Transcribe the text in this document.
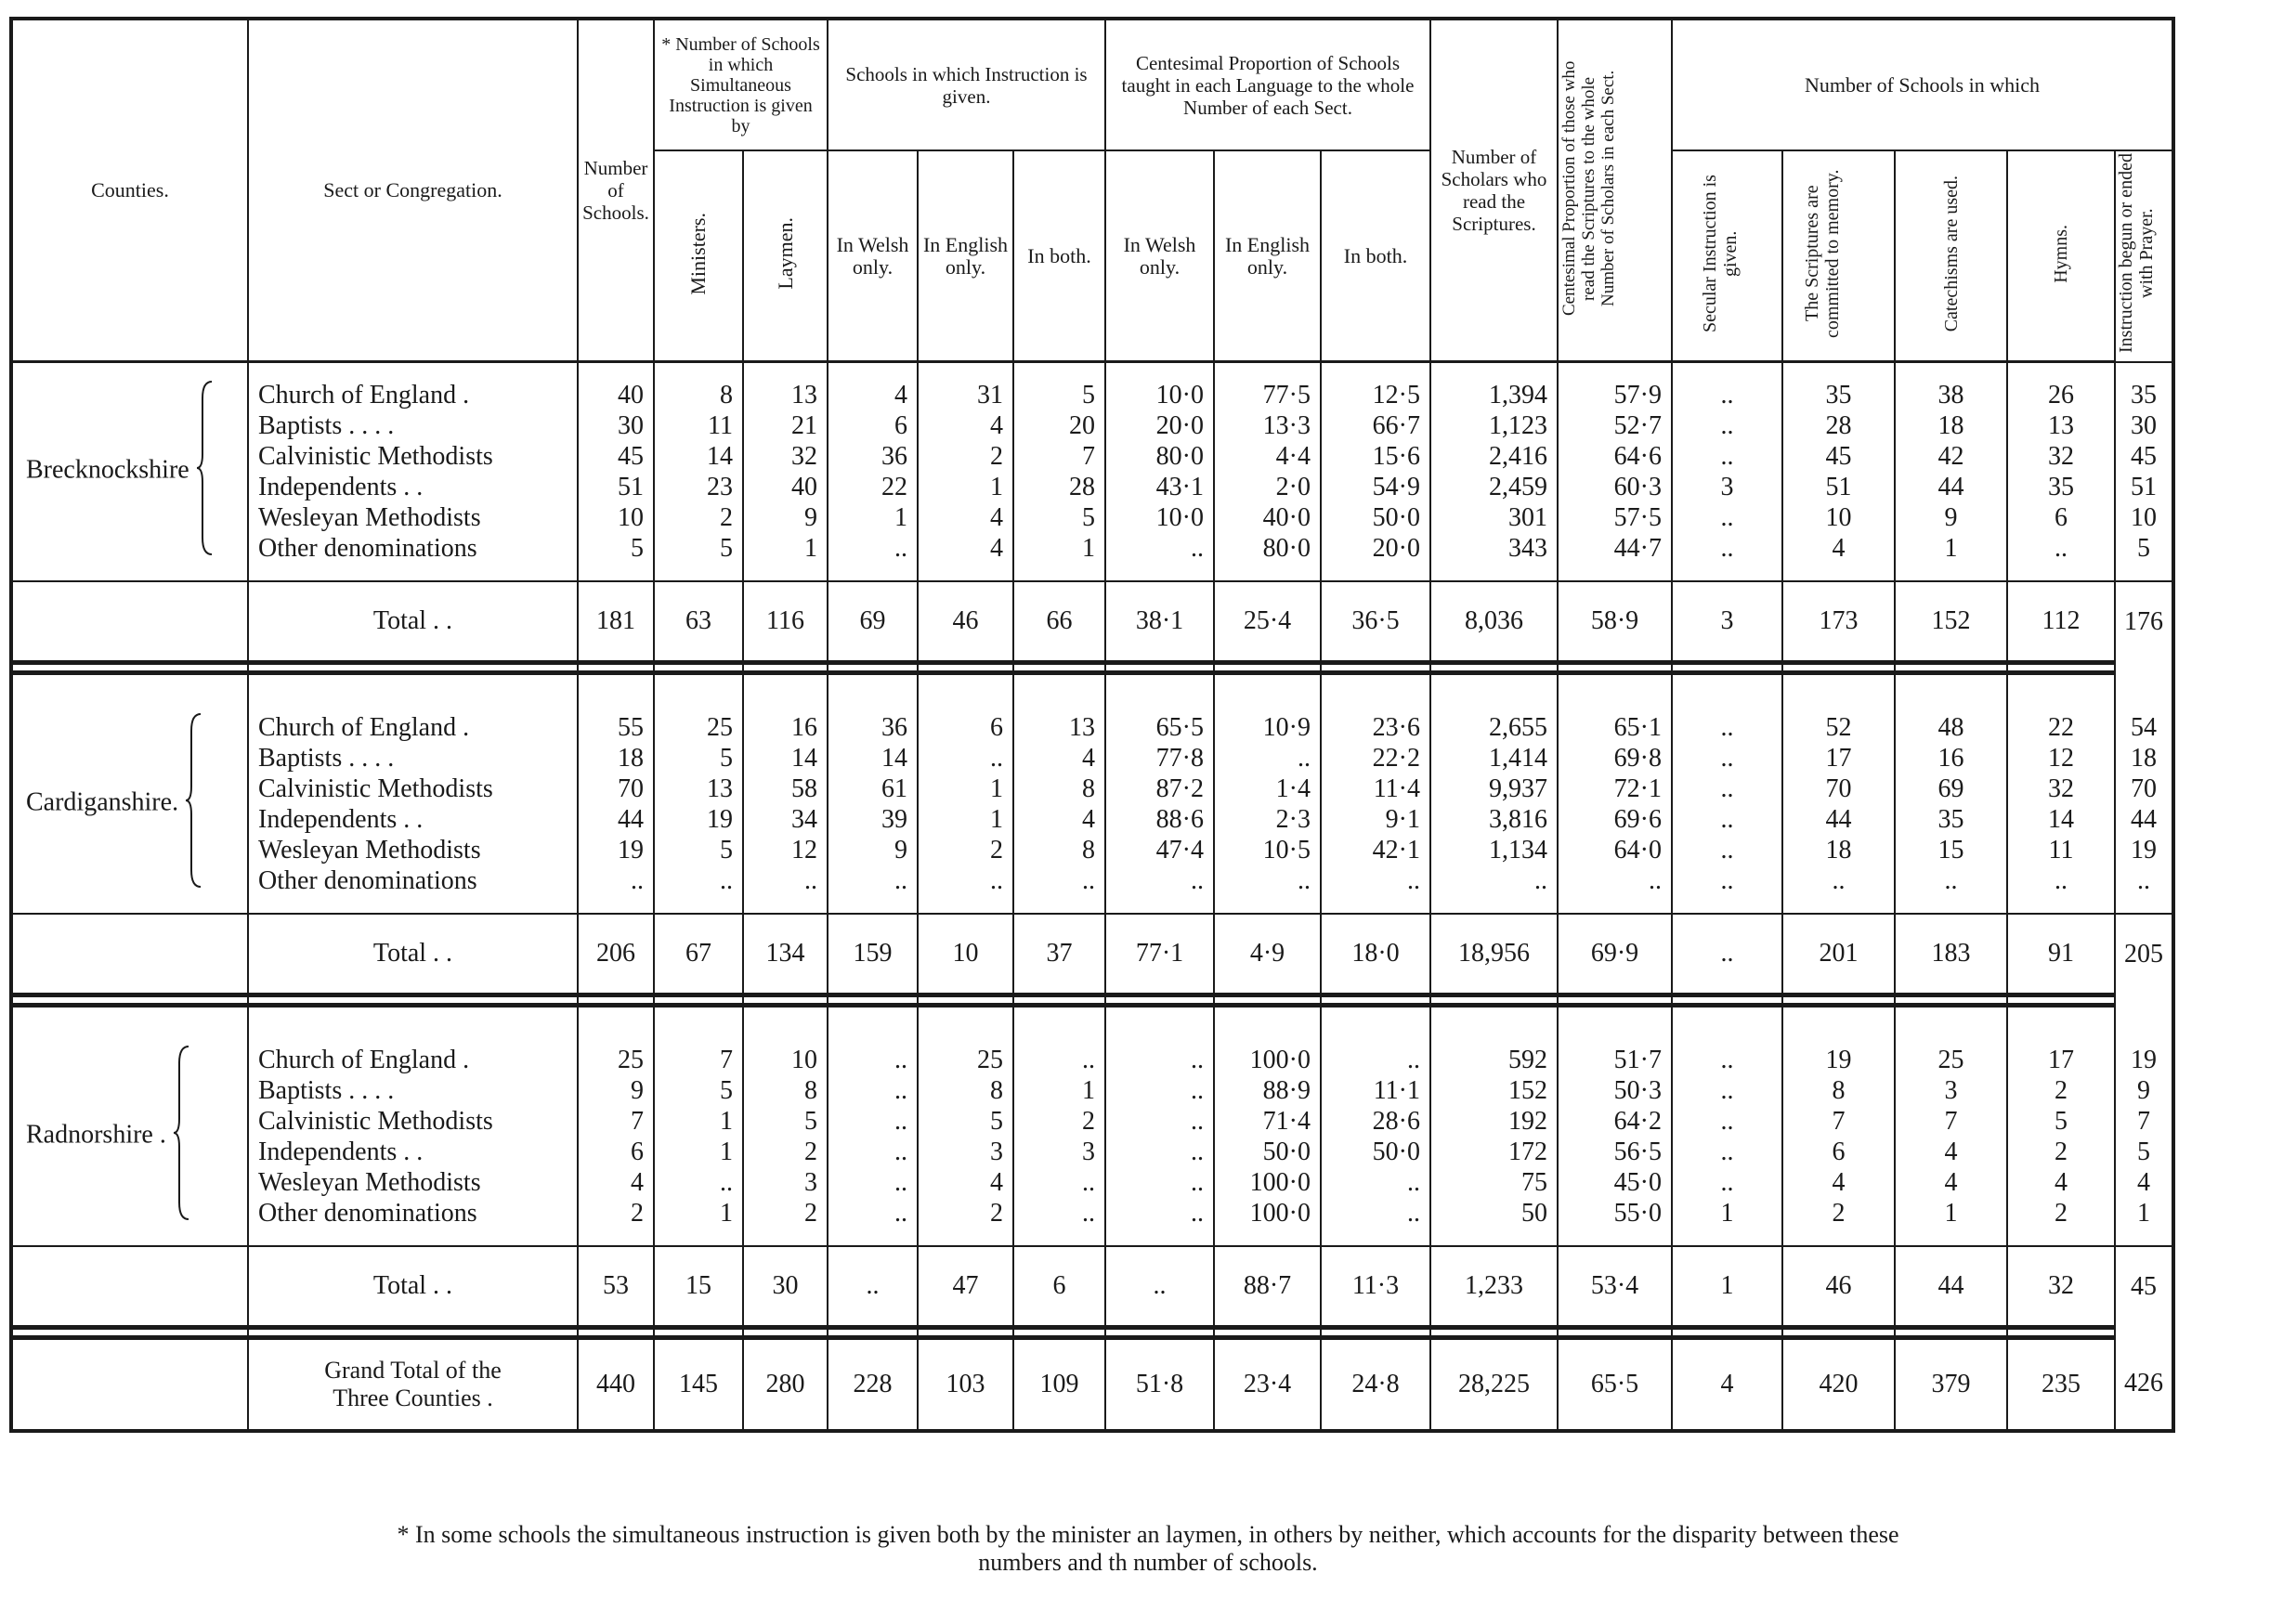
Counties.	Sect or Congregation.	Number of Schools.	* Number of Schools in which Simultaneous Instruction is given by		Schools in which Instruction is given.			Centesimal Proportion of Schools taught in each Language to the whole Number of each Sect.			Number of Scholars who read the Scriptures.	Centesimal Proportion of those who read the Scriptures to the whole Number of Scholars in each Sect.	Number of Schools in which				
			Ministers.	Laymen.	In Welsh only.	In English only.	In both.	In Welsh only.	In English only.	In both.			Secular Instruction is given.	The Scriptures are committed to memory.	Catechisms are used.	Hymns.	Instruction begun or ended with Prayer.

Brecknockshire	Church of England .	40	8	13	4	31	5	10·0	77·5	12·5	1,394	57·9	..	35	38	26	35
	Baptists . . . .	30	11	21	6	4	20	20·0	13·3	66·7	1,123	52·7	..	28	18	13	30
	Calvinistic Methodists	45	14	32	36	2	7	80·0	4·4	15·6	2,416	64·6	..	45	42	32	45
	Independents . .	51	23	40	22	1	28	43·1	2·0	54·9	2,459	60·3	3	51	44	35	51
	Wesleyan Methodists	10	2	9	1	4	5	10·0	40·0	50·0	301	57·5	..	10	9	6	10
	Other denominations	5	5	1	..	4	1	..	80·0	20·0	343	44·7	..	4	1	..	5

	Total . .	181	63	116	69	46	66	38·1	25·4	36·5	8,036	58·9	3	173	152	112	176

Cardiganshire.	Church of England .	55	25	16	36	6	13	65·5	10·9	23·6	2,655	65·1	..	52	48	22	54
	Baptists . . . .	18	5	14	14	..	4	77·8	..	22·2	1,414	69·8	..	17	16	12	18
	Calvinistic Methodists	70	13	58	61	1	8	87·2	1·4	11·4	9,937	72·1	..	70	69	32	70
	Independents . .	44	19	34	39	1	4	88·6	2·3	9·1	3,816	69·6	..	44	35	14	44
	Wesleyan Methodists	19	5	12	9	2	8	47·4	10·5	42·1	1,134	64·0	..	18	15	11	19
	Other denominations	..	..	..	..	..	..	..	..	..	..	..	..	..	..	..	..

	Total . .	206	67	134	159	10	37	77·1	4·9	18·0	18,956	69·9	..	201	183	91	205

Radnorshire .	Church of England .	25	7	10	..	25	..	..	100·0	..	592	51·7	..	19	25	17	19
	Baptists . . . .	9	5	8	..	8	1	..	88·9	11·1	152	50·3	..	8	3	2	9
	Calvinistic Methodists	7	1	5	..	5	2	..	71·4	28·6	192	64·2	..	7	7	5	7
	Independents . .	6	1	2	..	3	3	..	50·0	50·0	172	56·5	..	6	4	2	5
	Wesleyan Methodists	4	..	3	..	4	..	..	100·0	..	75	45·0	..	4	4	4	4
	Other denominations	2	1	2	..	2	..	..	100·0	..	50	55·0	1	2	1	2	1

	Total . .	53	15	30	..	47	6	..	88·7	11·3	1,233	53·4	1	46	44	32	45

	Grand Total of the
Three Counties .	440	145	280	228	103	109	51·8	23·4	24·8	28,225	65·5	4	420	379	235	426
* In some schools the simultaneous instruction is given both by the minister an laymen, in others by neither, which accounts for the disparity between these
numbers and th number of schools.
